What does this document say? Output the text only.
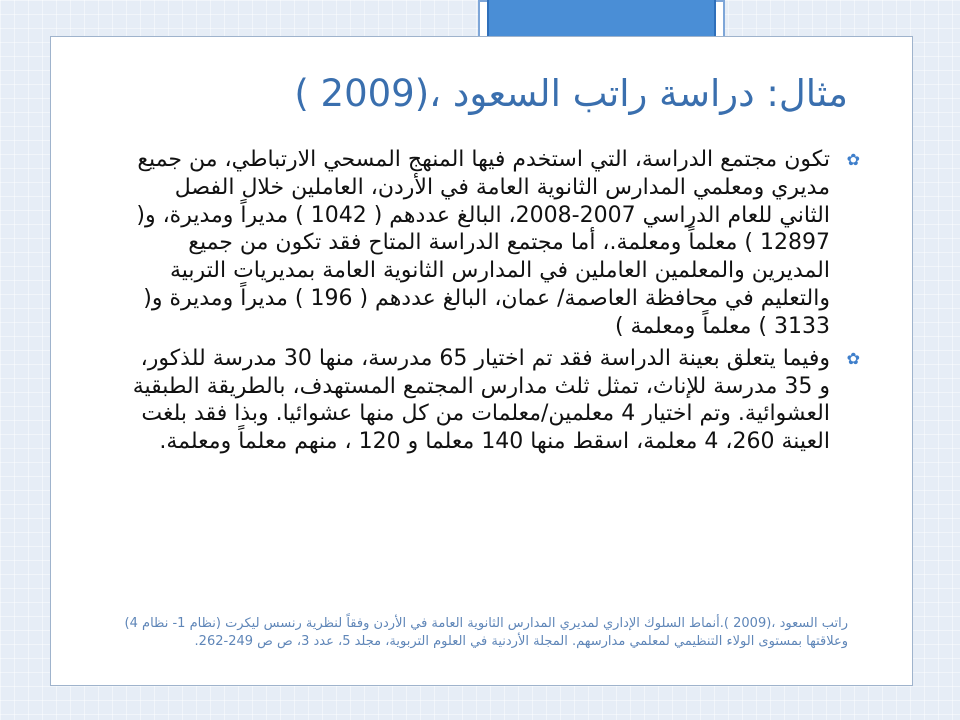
مثال: دراسة راتب السعود ،(2009 )
✿
تكون مجتمع الدراسة، التي استخدم فيها المنهج المسحي الارتباطي، من جميع مديري ومعلمي المدارس الثانوية العامة في الأردن، العاملين خلال الفصل الثاني للعام الدراسي 2007-2008، البالغ عددهم ( 1042 ) مديراً ومديرة، و( 12897 ) معلماً ومعلمة.، أما مجتمع الدراسة المتاح فقد تكون من جميع المديرين والمعلمين العاملين في المدارس الثانوية العامة بمديريات التربية والتعليم في محافظة العاصمة/ عمان، البالغ عددهم ( 196 ) مديراً ومديرة و( 3133 ) معلماً ومعلمة )
✿
وفيما يتعلق بعينة الدراسة فقد تم اختيار 65 مدرسة، منها 30 مدرسة للذكور، و 35 مدرسة للإناث، تمثل ثلث مدارس المجتمع المستهدف، بالطريقة الطبقية العشوائية. وتم اختيار 4 معلمين/معلمات من كل منها عشوائيا. وبذا فقد بلغت العينة 260، 4 معلمة، اسقط منها 140 معلما و 120 ، منهم معلماً ومعلمة.
راتب السعود ،(2009 ).أنماط السلوك الإداري لمديري المدارس الثانوية العامة في الأردن وفقاً لنظرية رنسس ليكرت (نظام 1- نظام 4) وعلاقتها بمستوى الولاء التنظيمي لمعلمي مدارسهم. المجلة الأردنية في العلوم التربوية، مجلد 5، عدد 3، ص ص 249-262.
